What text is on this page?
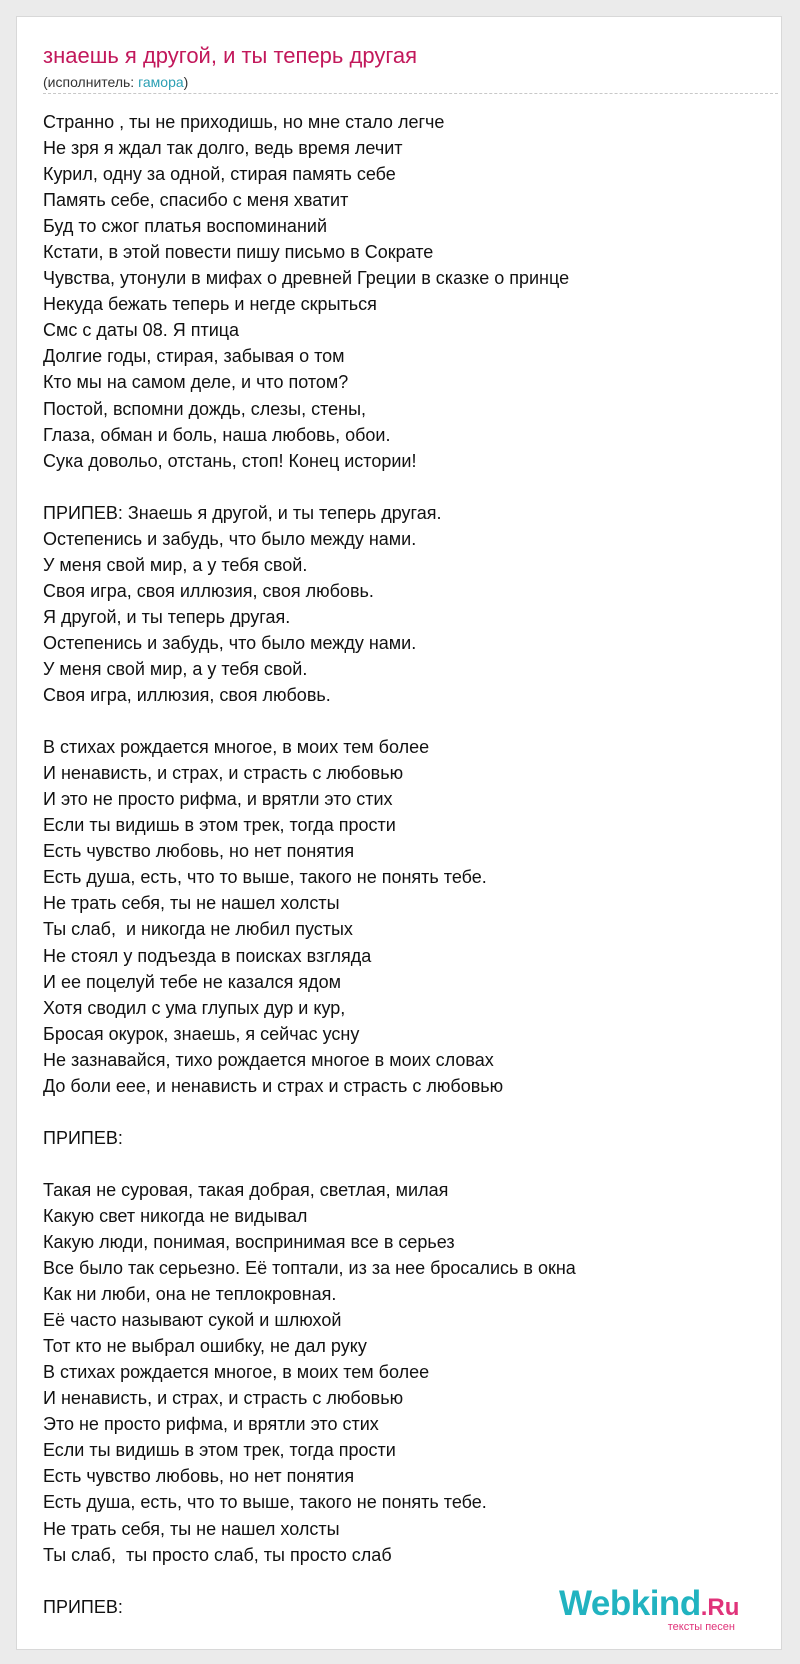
знаешь я другой, и ты теперь другая
(исполнитель: гамора)
Странно , ты не приходишь, но мне стало легче
Не зря я ждал так долго, ведь время лечит
Курил, одну за одной, стирая память себе
Память себе, спасибо с меня хватит
Буд то сжог платья воспоминаний
Кстати, в этой повести пишу письмо в Сократе
Чувства, утонули в мифах о древней Греции в сказке о принце
Некуда бежать теперь и негде скрыться
Смс с даты 08. Я птица
Долгие годы, стирая, забывая о том
Кто мы на самом деле, и что потом?
Постой, вспомни дождь, слезы, стены,
Глаза, обман и боль, наша любовь, обои.
Сука довольо, отстань, стоп! Конец истории!
ПРИПЕВ: Знаешь я другой, и ты теперь другая.
Остепенись и забудь, что было между нами.
У меня свой мир, а у тебя свой.
Своя игра, своя иллюзия, своя любовь.
Я другой, и ты теперь другая.
Остепенись и забудь, что было между нами.
У меня свой мир, а у тебя свой.
Своя игра, иллюзия, своя любовь.
В стихах рождается многое, в моих тем более
И ненависть, и страх, и страсть с любовью
И это не просто рифма, и врятли это стих
Если ты видишь в этом трек, тогда прости
Есть чувство любовь, но нет понятия
Есть душа, есть, что то выше, такого не понять тебе.
Не трать себя, ты не нашел холсты
Ты слаб,  и никогда не любил пустых
Не стоял у подъезда в поисках взгляда
И ее поцелуй тебе не казался ядом
Хотя сводил с ума глупых дур и кур,
Бросая окурок, знаешь, я сейчас усну
Не зазнавайся, тихо рождается многое в моих словах
До боли еее, и ненависть и страх и страсть с любовью
ПРИПЕВ:
Такая не суровая, такая добрая, светлая, милая
Какую свет никогда не видывал
Какую люди, понимая, воспринимая все в серьез
Все было так серьезно. Её топтали, из за нее бросались в окна
Как ни люби, она не теплокровная.
Её часто называют сукой и шлюхой
Тот кто не выбрал ошибку, не дал руку
В стихах рождается многое, в моих тем более
И ненависть, и страх, и страсть с любовью
Это не просто рифма, и врятли это стих
Если ты видишь в этом трек, тогда прости
Есть чувство любовь, но нет понятия
Есть душа, есть, что то выше, такого не понять тебе.
Не трать себя, ты не нашел холсты
Ты слаб,  ты просто слаб, ты просто слаб
ПРИПЕВ:	Webkind.Ru
тексты песен
